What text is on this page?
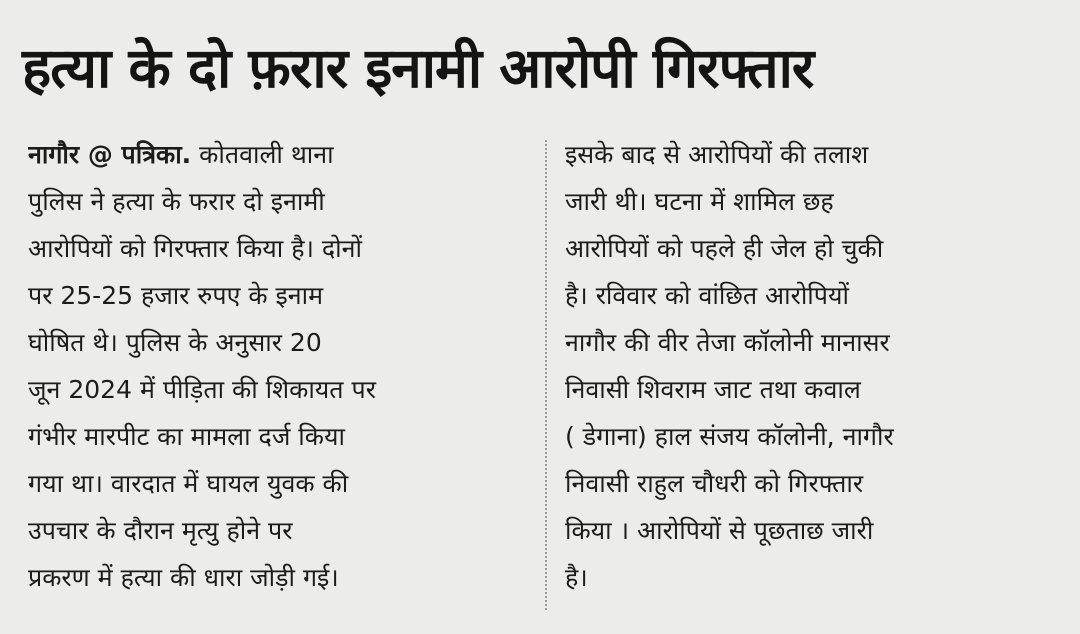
हत्या के दो फ़रार इनामी आरोपी गिरफ्तार
नागौर @ पत्रिका. कोतवाली थाना
पुलिस ने हत्या के फरार दो इनामी
आरोपियों को गिरफ्तार किया है। दोनों
पर 25-25 हजार रुपए के इनाम
घोषित थे। पुलिस के अनुसार 20
जून 2024 में पीड़िता की शिकायत पर
गंभीर मारपीट का मामला दर्ज किया
गया था। वारदात में घायल युवक की
उपचार के दौरान मृत्यु होने पर
प्रकरण में हत्या की धारा जोड़ी गई।
इसके बाद से आरोपियों की तलाश
जारी थी। घटना में शामिल छह
आरोपियों को पहले ही जेल हो चुकी
है। रविवार को वांछित आरोपियों
नागौर की वीर तेजा कॉलोनी मानासर
निवासी शिवराम जाट तथा कवाल
( डेगाना) हाल संजय कॉलोनी, नागौर
निवासी राहुल चौधरी को गिरफ्तार
किया । आरोपियों से पूछताछ जारी
है।
